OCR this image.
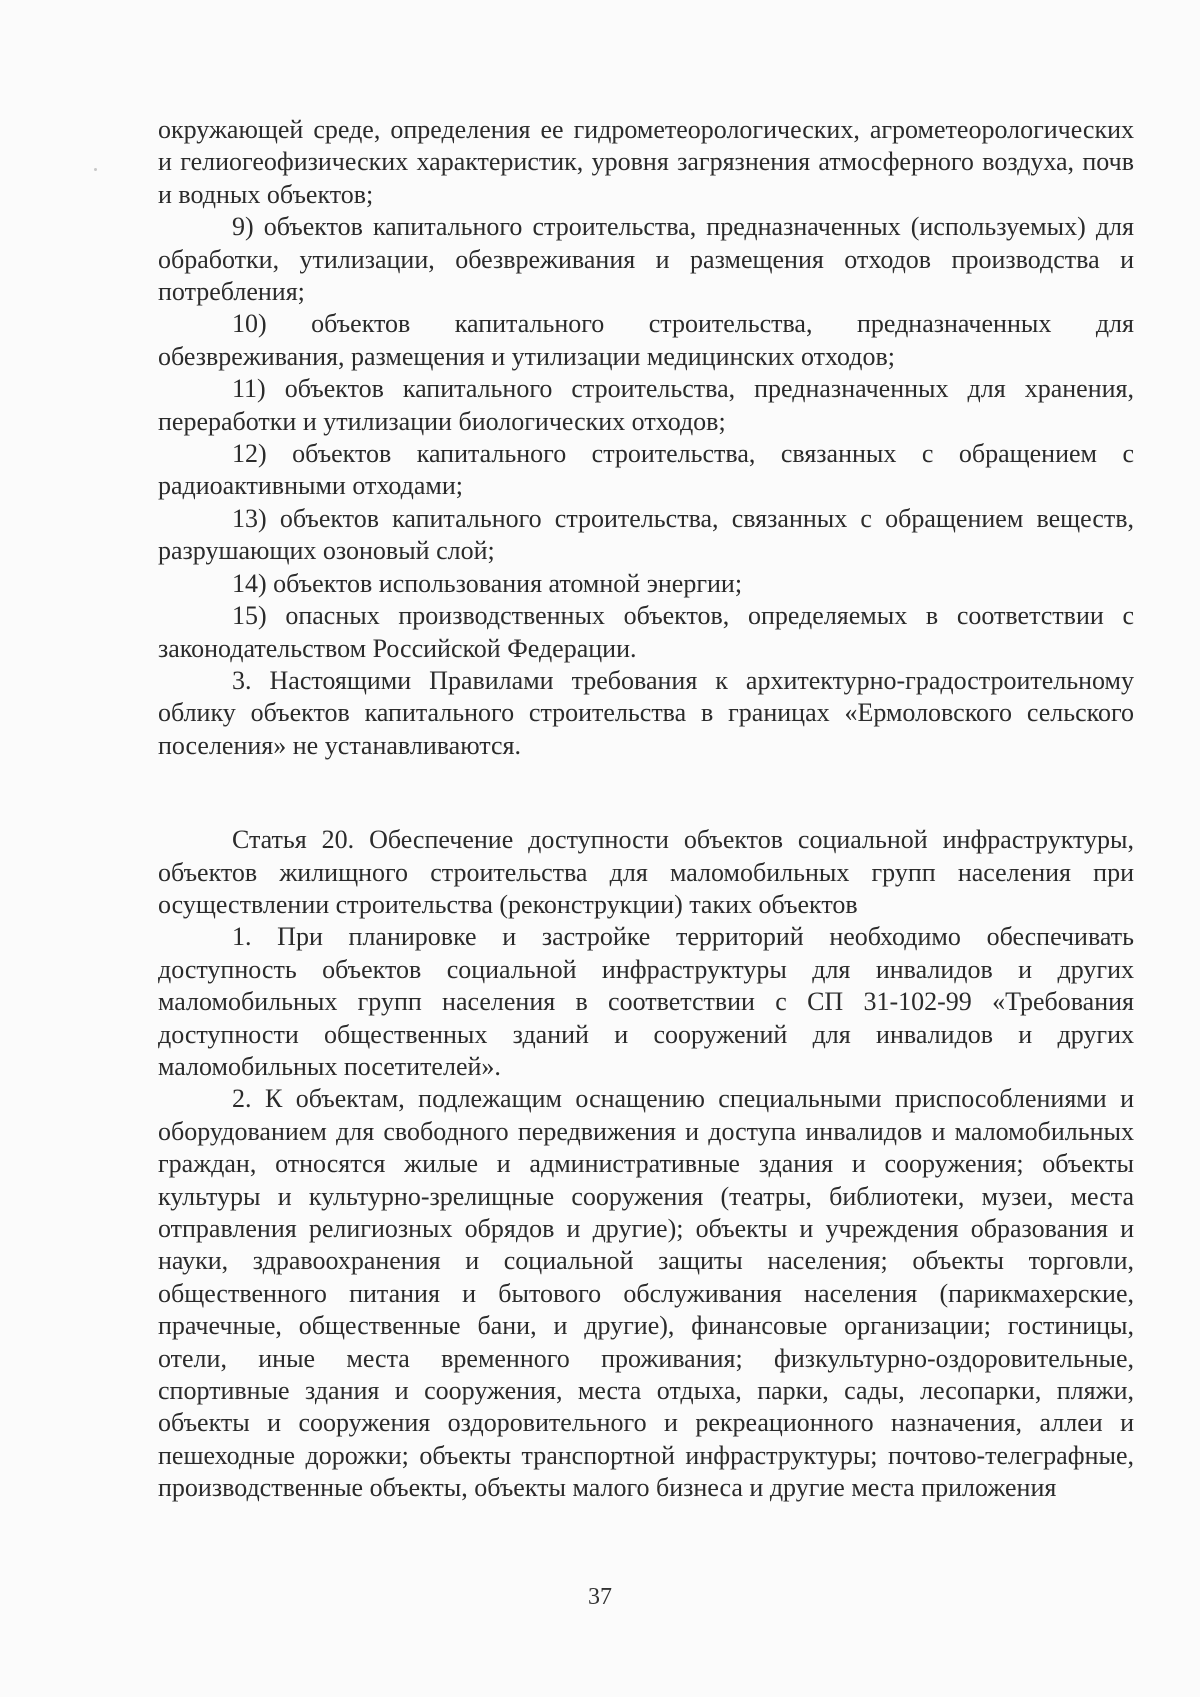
окружающей среде, определения ее гидрометеорологических, агрометеорологических и гелиогеофизических характеристик, уровня загрязнения атмосферного воздуха, почв и водных объектов;

9) объектов капитального строительства, предназначенных (используемых) для обработки, утилизации, обезвреживания и размещения отходов производства и потребления;

10) объектов капитального строительства, предназначенных для обезвреживания, размещения и утилизации медицинских отходов;

11) объектов капитального строительства, предназначенных для хранения, переработки и утилизации биологических отходов;

12) объектов капитального строительства, связанных с обращением с радиоактивными отходами;

13) объектов капитального строительства, связанных с обращением веществ, разрушающих озоновый слой;

14) объектов использования атомной энергии;

15) опасных производственных объектов, определяемых в соответствии с законодательством Российской Федерации.

3. Настоящими Правилами требования к архитектурно-градостроительному облику объектов капитального строительства в границах «Ермоловского сельского поселения» не устанавливаются.

Статья 20. Обеспечение доступности объектов социальной инфраструктуры, объектов жилищного строительства для маломобильных групп населения при осуществлении строительства (реконструкции) таких объектов

1. При планировке и застройке территорий необходимо обеспечивать доступность объектов социальной инфраструктуры для инвалидов и других маломобильных групп населения в соответствии с СП 31-102-99 «Требования доступности общественных зданий и сооружений для инвалидов и других маломобильных посетителей».

2. К объектам, подлежащим оснащению специальными приспособлениями и оборудованием для свободного передвижения и доступа инвалидов и маломобильных граждан, относятся жилые и административные здания и сооружения; объекты культуры и культурно-зрелищные сооружения (театры, библиотеки, музеи, места отправления религиозных обрядов и другие); объекты и учреждения образования и науки, здравоохранения и социальной защиты населения; объекты торговли, общественного питания и бытового обслуживания населения (парикмахерские, прачечные, общественные бани, и другие), финансовые организации; гостиницы, отели, иные места временного проживания; физкультурно-оздоровительные, спортивные здания и сооружения, места отдыха, парки, сады, лесопарки, пляжи, объекты и сооружения оздоровительного и рекреационного назначения, аллеи и пешеходные дорожки; объекты транспортной инфраструктуры; почтово-телеграфные, производственные объекты, объекты малого бизнеса и другие места приложения

37
